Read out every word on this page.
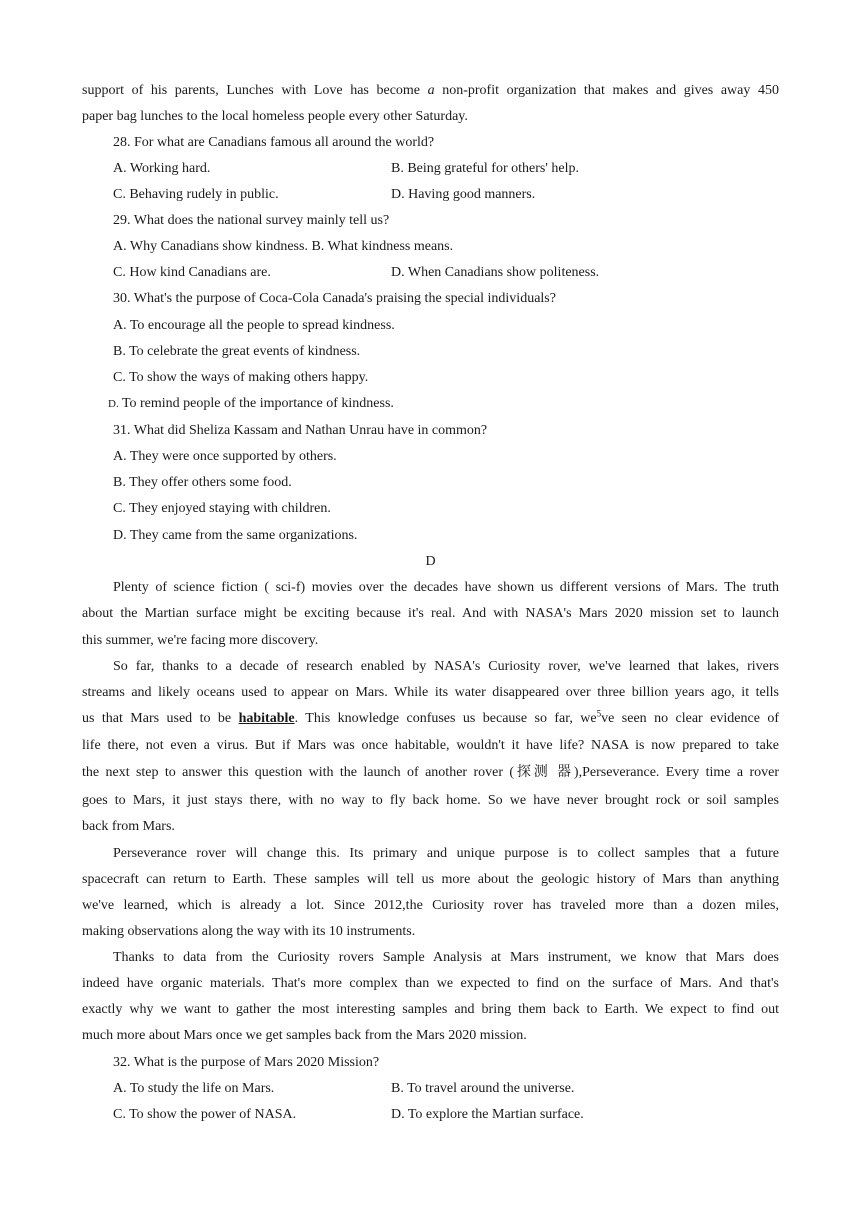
support of his parents, Lunches with Love has become a non-profit organization that makes and gives away 450
paper bag lunches to the local homeless people every other Saturday.
28. For what are Canadians famous all around the world?
A. Working hard.	B. Being grateful for others' help.
C. Behaving rudely in public.	D. Having good manners.
29. What does the national survey mainly tell us?
A. Why Canadians show kindness. B. What kindness means.
C. How kind Canadians are.	D. When Canadians show politeness.
30. What's the purpose of Coca-Cola Canada's praising the special individuals?
A. To encourage all the people to spread kindness.
B. To celebrate the great events of kindness.
C. To show the ways of making others happy.
D. To remind people of the importance of kindness.
31. What did Sheliza Kassam and Nathan Unrau have in common?
A. They were once supported by others.
B. They offer others some food.
C. They enjoyed staying with children.
D. They came from the same organizations.
D
Plenty of science fiction ( sci-f) movies over the decades have shown us different versions of Mars. The truth
about the Martian surface might be exciting because it's real. And with NASA's Mars 2020 mission set to launch
this summer, we're facing more discovery.
So far, thanks to a decade of research enabled by NASA's Curiosity rover, we've learned that lakes, rivers
streams and likely oceans used to appear on Mars. While its water disappeared over three billion years ago, it tells
us that Mars used to be habitable. This knowledge confuses us because so far, $we^5ve$ seen no clear evidence of
life there, not even a virus. But if Mars was once habitable, wouldn't it have life? NASA is now prepared to take
the next step to answer this question with the launch of another rover (探测 器),Perseverance. Every time a rover
goes to Mars, it just stays there, with no way to fly back home. So we have never brought rock or soil samples
back from Mars.
Perseverance rover will change this. Its primary and unique purpose is to collect samples that a future
spacecraft can return to Earth. These samples will tell us more about the geologic history of Mars than anything
we've learned, which is already a lot. Since 2012,the Curiosity rover has traveled more than a dozen miles,
making observations along the way with its 10 instruments.
Thanks to data from the Curiosity rovers Sample Analysis at Mars instrument, we know that Mars does
indeed have organic materials. That's more complex than we expected to find on the surface of Mars. And that's
exactly why we want to gather the most interesting samples and bring them back to Earth. We expect to find out
much more about Mars once we get samples back from the Mars 2020 mission.
32. What is the purpose of Mars 2020 Mission?
A. To study the life on Mars.	B. To travel around the universe.
C. To show the power of NASA.	D. To explore the Martian surface.
